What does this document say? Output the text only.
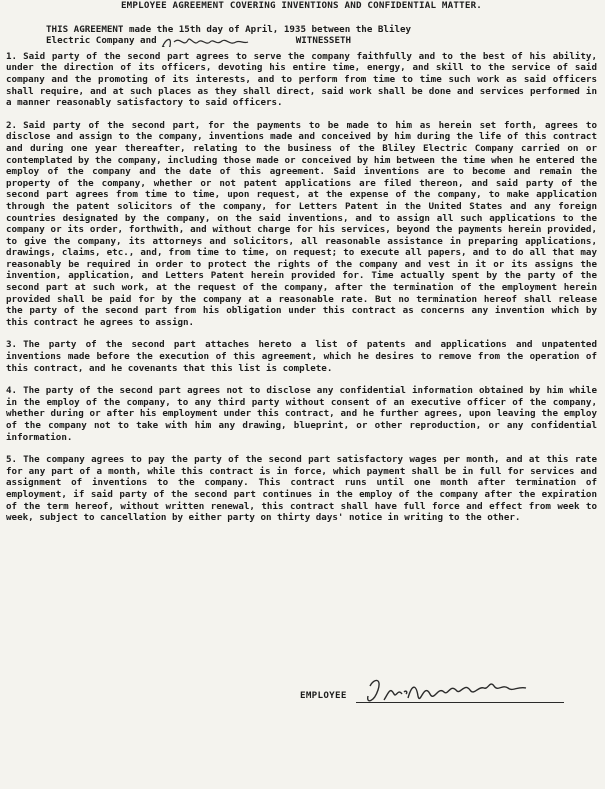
EMPLOYEE AGREEMENT COVERING INVENTIONS AND CONFIDENTIAL MATTER.
THIS AGREEMENT made the 15th day of April, 1935 between the Bliley
Electric Company and	WITNESSETH

1. Said party of the second part agrees to serve the company faithfully and to the best of his ability, under the direction of its officers, devoting his entire time, energy, and skill to the service of said company and the promoting of its interests, and to perform from time to time such work as said officers shall require, and at such places as they shall direct, said work shall be done and services performed in a manner reasonably satisfactory to said officers.

2. Said party of the second part, for the payments to be made to him as herein set forth, agrees to disclose and assign to the company, inventions made and conceived by him during the life of this contract and during one year thereafter, relating to the business of the Bliley Electric Company carried on or contemplated by the company, including those made or conceived by him between the time when he entered the employ of the company and the date of this agreement. Said inventions are to become and remain the property of the company, whether or not patent applications are filed thereon, and said party of the second part agrees from time to time, upon request, at the expense of the company, to make application through the patent solicitors of the company, for Letters Patent in the United States and any foreign countries designated by the company, on the said inventions, and to assign all such applications to the company or its order, forthwith, and without charge for his services, beyond the payments herein provided, to give the company, its attorneys and solicitors, all reasonable assistance in preparing applications, drawings, claims, etc., and, from time to time, on request; to execute all papers, and to do all that may reasonably be required in order to protect the rights of the company and vest in it or its assigns the invention, application, and Letters Patent herein provided for. Time actually spent by the party of the second part at such work, at the request of the company, after the termination of the employment herein provided shall be paid for by the company at a reasonable rate. But no termination hereof shall release the party of the second part from his obligation under this contract as concerns any invention which by this contract he agrees to assign.

3. The party of the second part attaches hereto a list of patents and applications and unpatented inventions made before the execution of this agreement, which he desires to remove from the operation of this contract, and he covenants that this list is complete.

4. The party of the second part agrees not to disclose any confidential information obtained by him while in the employ of the company, to any third party without consent of an executive officer of the company, whether during or after his employment under this contract, and he further agrees, upon leaving the employ of the company not to take with him any drawing, blueprint, or other reproduction, or any confidential information.

5. The company agrees to pay the party of the second part satisfactory wages per month, and at this rate for any part of a month, while this contract is in force, which payment shall be in full for services and assignment of inventions to the company. This contract runs until one month after termination of employment, if said party of the second part continues in the employ of the company after the expiration of the term hereof, without written renewal, this contract shall have full force and effect from week to week, subject to cancellation by either party on thirty days' notice in writing to the other.

EMPLOYEE
